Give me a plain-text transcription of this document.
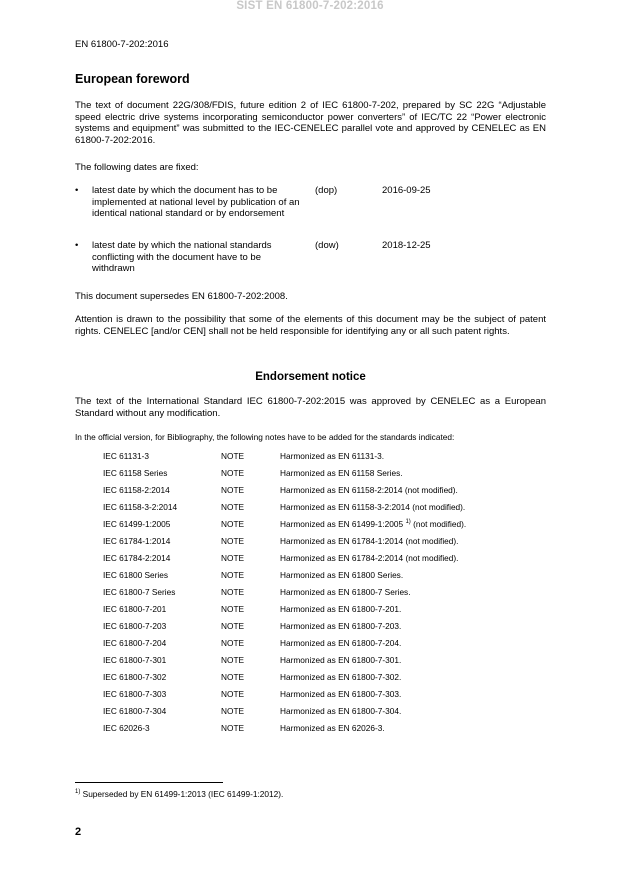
SIST EN 61800-7-202:2016
EN 61800-7-202:2016
European foreword

The text of document 22G/308/FDIS, future edition 2 of IEC 61800-7-202, prepared by SC 22G “Adjustable speed electric drive systems incorporating semiconductor power converters” of IEC/TC 22 “Power electronic systems and equipment” was submitted to the IEC-CENELEC parallel vote and approved by CENELEC as EN 61800-7-202:2016.

The following dates are fixed:

• latest date by which the document has to be implemented at national level by publication of an identical national standard or by endorsement
(dop)	2016-09-25
• latest date by which the national standards conflicting with the document have to be withdrawn
(dow)	2018-12-25

This document supersedes EN 61800-7-202:2008.

Attention is drawn to the possibility that some of the elements of this document may be the subject of patent rights. CENELEC [and/or CEN] shall not be held responsible for identifying any or all such patent rights.

Endorsement notice

The text of the International Standard IEC 61800-7-202:2015 was approved by CENELEC as a European Standard without any modification.

In the official version, for Bibliography, the following notes have to be added for the standards indicated:
IEC 61131-3	NOTE	Harmonized as EN 61131-3.
IEC 61158 Series	NOTE	Harmonized as EN 61158 Series.
IEC 61158-2:2014	NOTE	Harmonized as EN 61158-2:2014 (not modified).
IEC 61158-3-2:2014	NOTE	Harmonized as EN 61158-3-2:2014 (not modified).
IEC 61499-1:2005	NOTE	Harmonized as EN 61499-1:2005 $^{1)}$ (not modified).
IEC 61784-1:2014	NOTE	Harmonized as EN 61784-1:2014 (not modified).
IEC 61784-2:2014	NOTE	Harmonized as EN 61784-2:2014 (not modified).
IEC 61800 Series	NOTE	Harmonized as EN 61800 Series.
IEC 61800-7 Series	NOTE	Harmonized as EN 61800-7 Series.
IEC 61800-7-201	NOTE	Harmonized as EN 61800-7-201.
IEC 61800-7-203	NOTE	Harmonized as EN 61800-7-203.
IEC 61800-7-204	NOTE	Harmonized as EN 61800-7-204.
IEC 61800-7-301	NOTE	Harmonized as EN 61800-7-301.
IEC 61800-7-302	NOTE	Harmonized as EN 61800-7-302.
IEC 61800-7-303	NOTE	Harmonized as EN 61800-7-303.
IEC 61800-7-304	NOTE	Harmonized as EN 61800-7-304.
IEC 62026-3	NOTE	Harmonized as EN 62026-3.
$^{1)}$ Superseded by EN 61499-1:2013 (IEC 61499-1:2012).
2
